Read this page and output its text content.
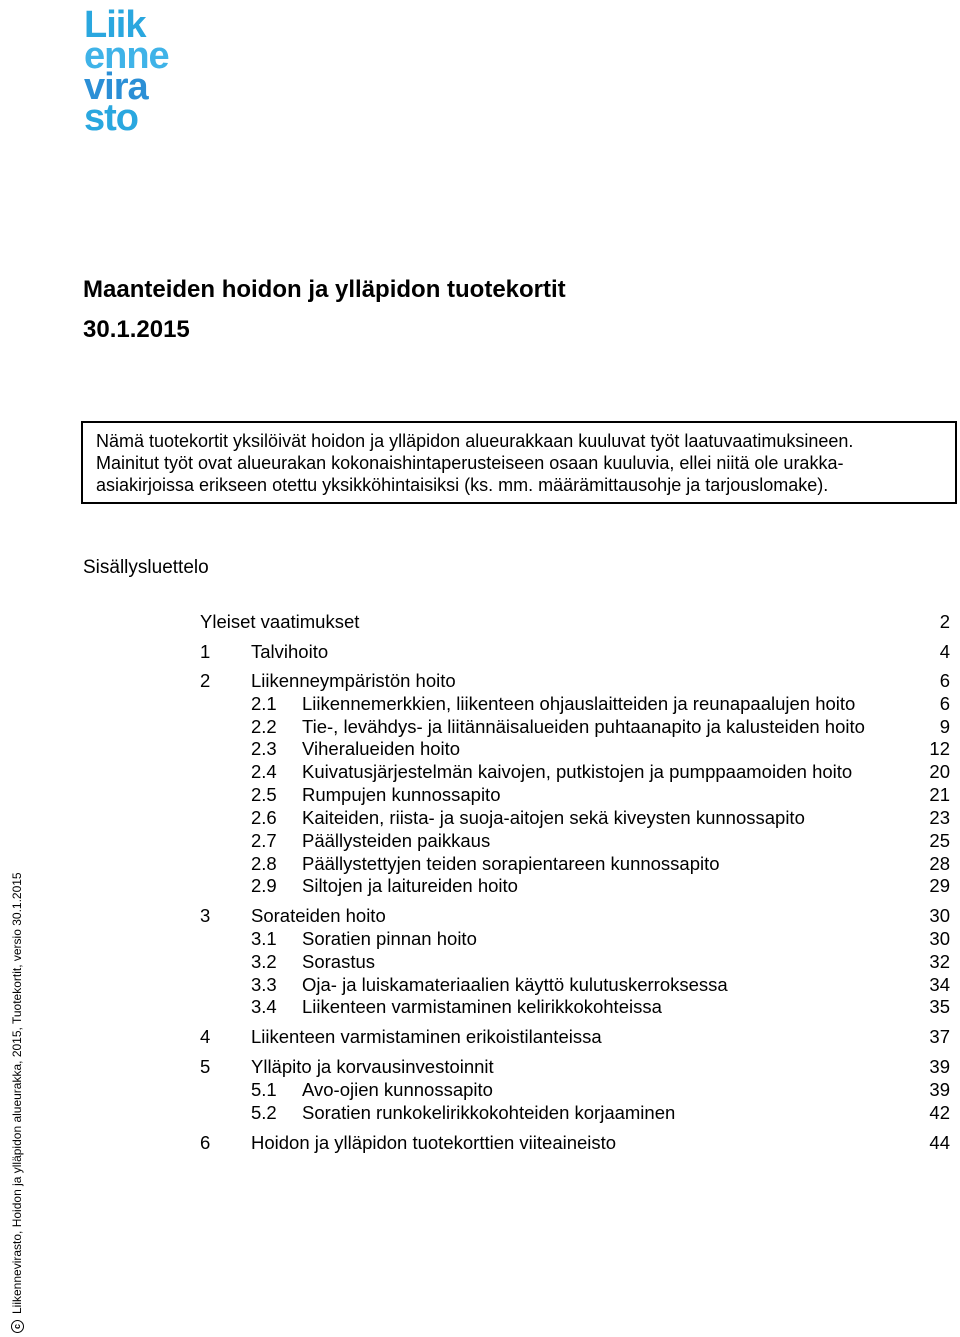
Liik
enne
vira
sto
Maanteiden hoidon ja ylläpidon tuotekortit
30.1.2015
Nämä tuotekortit yksilöivät hoidon ja ylläpidon alueurakkaan kuuluvat työt laatuvaatimuksineen.
Mainitut työt ovat alueurakan kokonaishintaperusteiseen osaan kuuluvia, ellei niitä ole urakka-
asiakirjoissa erikseen otettu yksikköhintaisiksi (ks. mm. määrämittausohje ja tarjouslomake).
Sisällysluettelo
Yleiset vaatimukset	2
1 Talvihoito	4
2 Liikenneympäristön hoito	6
2.1 Liikennemerkkien, liikenteen ohjauslaitteiden ja reunapaalujen hoito	6
2.2 Tie-, levähdys- ja liitännäisalueiden puhtaanapito ja kalusteiden hoito	9
2.3 Viheralueiden hoito	12
2.4 Kuivatusjärjestelmän kaivojen, putkistojen ja pumppaamoiden hoito	20
2.5 Rumpujen kunnossapito	21
2.6 Kaiteiden, riista- ja suoja-aitojen sekä kiveysten kunnossapito	23
2.7 Päällysteiden paikkaus	25
2.8 Päällystettyjen teiden sorapientareen kunnossapito	28
2.9 Siltojen ja laitureiden hoito	29
3 Sorateiden hoito	30
3.1 Soratien pinnan hoito	30
3.2 Sorastus	32
3.3 Oja- ja luiskamateriaalien käyttö kulutuskerroksessa	34
3.4 Liikenteen varmistaminen kelirikkokohteissa	35
4 Liikenteen varmistaminen erikoistilanteissa	37
5 Ylläpito ja korvausinvestoinnit	39
5.1 Avo-ojien kunnossapito	39
5.2 Soratien runkokelirikkokohteiden korjaaminen	42
6 Hoidon ja ylläpidon tuotekorttien viiteaineisto	44
c
Liikennevirasto, Hoidon ja ylläpidon alueurakka, 2015, Tuotekortit, versio 30.1.2015
